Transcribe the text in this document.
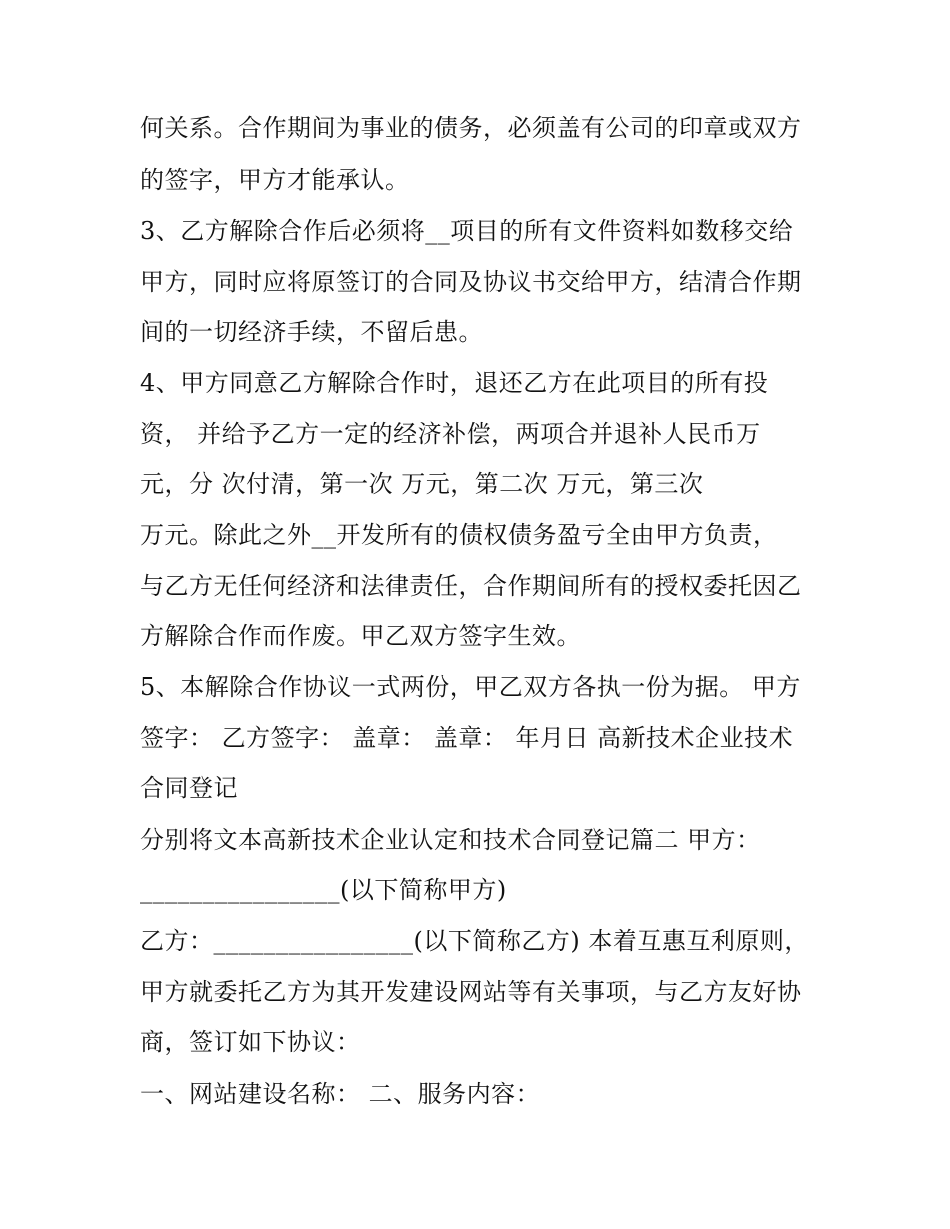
何关系。合作期间为事业的债务，必须盖有公司的印章或双方
的签字，甲方才能承认。
3、乙方解除合作后必须将__项目的所有文件资料如数移交给
甲方，同时应将原签订的合同及协议书交给甲方，结清合作期
间的一切经济手续，不留后患。
4、甲方同意乙方解除合作时，退还乙方在此项目的所有投
资， 并给予乙方一定的经济补偿，两项合并退补人民币万
元，分 次付清，第一次 万元，第二次 万元，第三次
万元。除此之外__开发所有的债权债务盈亏全由甲方负责，
与乙方无任何经济和法律责任，合作期间所有的授权委托因乙
方解除合作而作废。甲乙双方签字生效。
5、本解除合作协议一式两份，甲乙双方各执一份为据。 甲方
签字： 乙方签字： 盖章： 盖章： 年月日 高新技术企业技术
合同登记
分别将文本高新技术企业认定和技术合同登记篇二 甲方：
________________(以下简称甲方)
乙方：________________(以下简称乙方) 本着互惠互利原则，
甲方就委托乙方为其开发建设网站等有关事项，与乙方友好协
商，签订如下协议：
一、网站建设名称： 二、服务内容：
